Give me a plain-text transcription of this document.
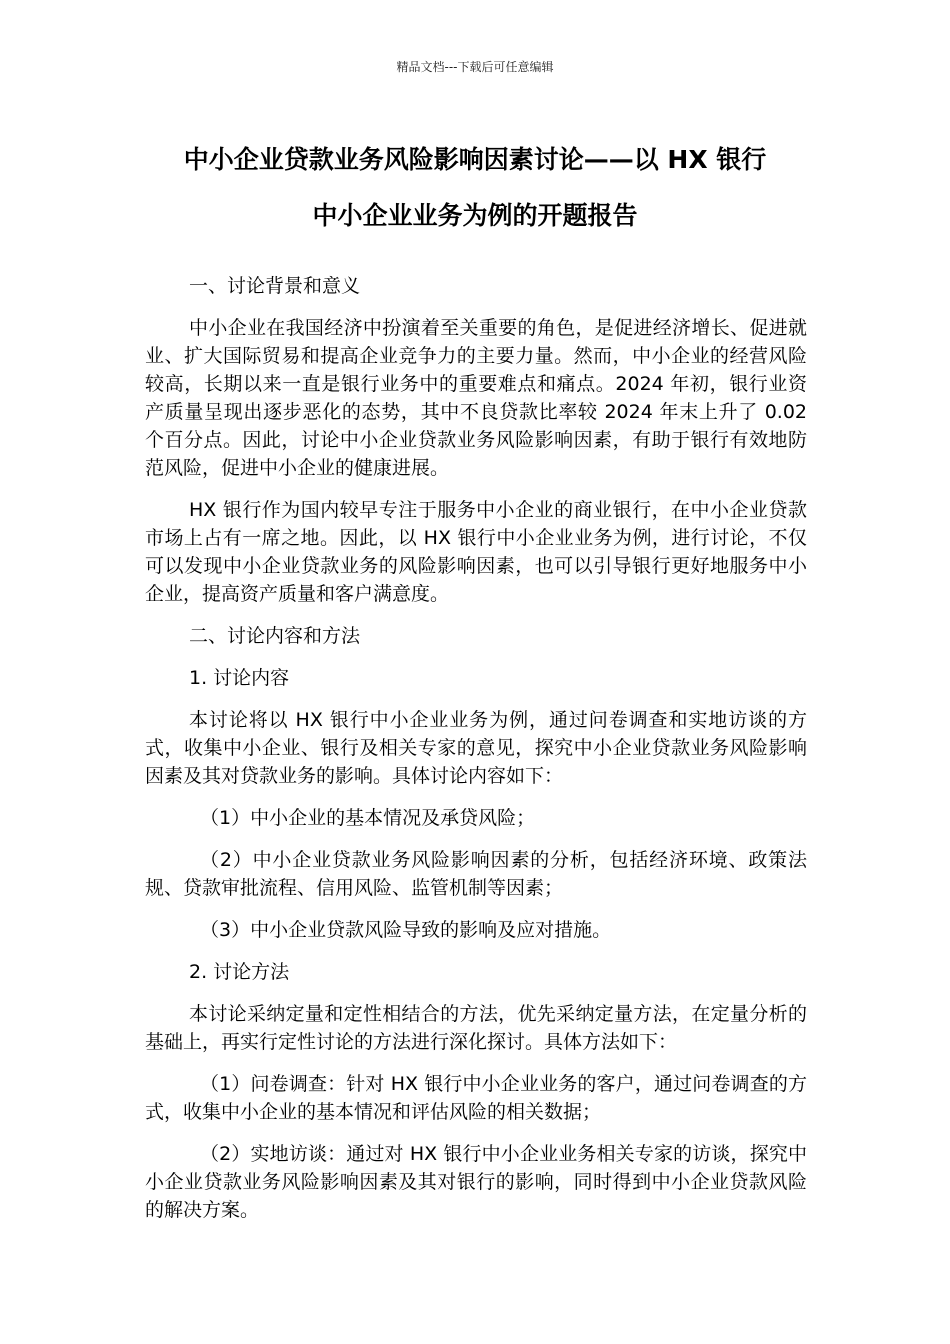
精品文档---下载后可任意编辑
中小企业贷款业务风险影响因素讨论——以 HX 银行
中小企业业务为例的开题报告

一、讨论背景和意义

中小企业在我国经济中扮演着至关重要的角色，是促进经济增长、促进就业、扩大国际贸易和提高企业竞争力的主要力量。然而，中小企业的经营风险较高，长期以来一直是银行业务中的重要难点和痛点。2024 年初，银行业资产质量呈现出逐步恶化的态势，其中不良贷款比率较 2024 年末上升了 0.02 个百分点。因此，讨论中小企业贷款业务风险影响因素，有助于银行有效地防范风险，促进中小企业的健康进展。

HX 银行作为国内较早专注于服务中小企业的商业银行，在中小企业贷款市场上占有一席之地。因此，以 HX 银行中小企业业务为例，进行讨论，不仅可以发现中小企业贷款业务的风险影响因素，也可以引导银行更好地服务中小企业，提高资产质量和客户满意度。

二、讨论内容和方法

1. 讨论内容

本讨论将以 HX 银行中小企业业务为例，通过问卷调查和实地访谈的方式，收集中小企业、银行及相关专家的意见，探究中小企业贷款业务风险影响因素及其对贷款业务的影响。具体讨论内容如下：

（1）中小企业的基本情况及承贷风险；

（2）中小企业贷款业务风险影响因素的分析，包括经济环境、政策法规、贷款审批流程、信用风险、监管机制等因素；

（3）中小企业贷款风险导致的影响及应对措施。

2. 讨论方法

本讨论采纳定量和定性相结合的方法，优先采纳定量方法，在定量分析的基础上，再实行定性讨论的方法进行深化探讨。具体方法如下：

（1）问卷调查：针对 HX 银行中小企业业务的客户，通过问卷调查的方式，收集中小企业的基本情况和评估风险的相关数据；

（2）实地访谈：通过对 HX 银行中小企业业务相关专家的访谈，探究中小企业贷款业务风险影响因素及其对银行的影响，同时得到中小企业贷款风险的解决方案。
